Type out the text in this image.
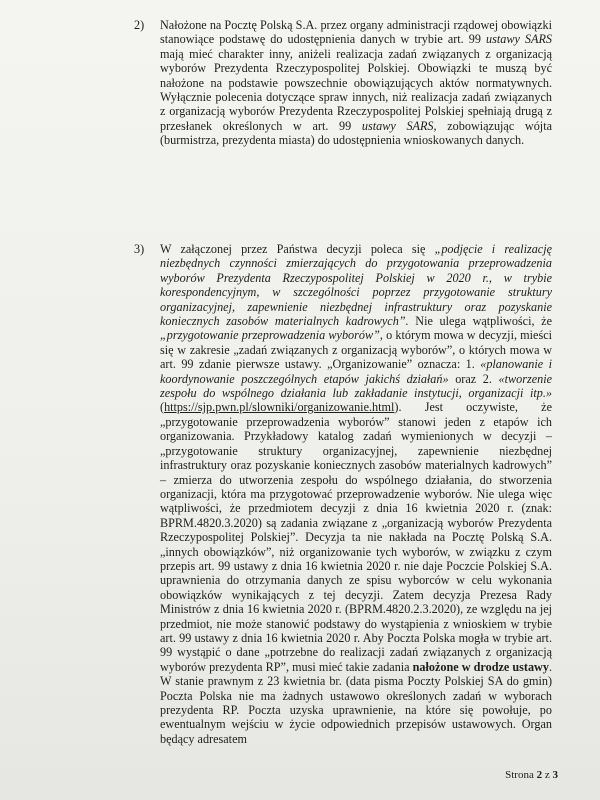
2) Nałożone na Pocztę Polską S.A. przez organy administracji rządowej obowiązki stanowiące podstawę do udostępnienia danych w trybie art. 99 ustawy SARS mają mieć charakter inny, aniżeli realizacja zadań związanych z organizacją wyborów Prezydenta Rzeczypospolitej Polskiej. Obowiązki te muszą być nałożone na podstawie powszechnie obowiązujących aktów normatywnych. Wyłącznie polecenia dotyczące spraw innych, niż realizacja zadań związanych z organizacją wyborów Prezydenta Rzeczypospolitej Polskiej spełniają drugą z przesłanek określonych w art. 99 ustawy SARS, zobowiązując wójta (burmistrza, prezydenta miasta) do udostępnienia wnioskowanych danych.

3) W załączonej przez Państwa decyzji poleca się „podjęcie i realizację niezbędnych czynności zmierzających do przygotowania przeprowadzenia wyborów Prezydenta Rzeczypospolitej Polskiej w 2020 r., w trybie korespondencyjnym, w szczególności poprzez przygotowanie struktury organizacyjnej, zapewnienie niezbędnej infrastruktury oraz pozyskanie koniecznych zasobów materialnych kadrowych”. Nie ulega wątpliwości, że „przygotowanie przeprowadzenia wyborów”, o którym mowa w decyzji, mieści się w zakresie „zadań związanych z organizacją wyborów”, o których mowa w art. 99 zdanie pierwsze ustawy. „Organizowanie” oznacza: 1. «planowanie i koordynowanie poszczególnych etapów jakichś działań» oraz 2. «tworzenie zespołu do wspólnego działania lub zakładanie instytucji, organizacji itp.» (https://sjp.pwn.pl/slowniki/organizowanie.html). Jest oczywiste, że „przygotowanie przeprowadzenia wyborów” stanowi jeden z etapów ich organizowania. Przykładowy katalog zadań wymienionych w decyzji – „przygotowanie struktury organizacyjnej, zapewnienie niezbędnej infrastruktury oraz pozyskanie koniecznych zasobów materialnych kadrowych” – zmierza do utworzenia zespołu do wspólnego działania, do stworzenia organizacji, która ma przygotować przeprowadzenie wyborów. Nie ulega więc wątpliwości, że przedmiotem decyzji z dnia 16 kwietnia 2020 r. (znak: BPRM.4820.3.2020) są zadania związane z „organizacją wyborów Prezydenta Rzeczypospolitej Polskiej”. Decyzja ta nie nakłada na Pocztę Polską S.A. „innych obowiązków”, niż organizowanie tych wyborów, w związku z czym przepis art. 99 ustawy z dnia 16 kwietnia 2020 r. nie daje Poczcie Polskiej S.A. uprawnienia do otrzymania danych ze spisu wyborców w celu wykonania obowiązków wynikających z tej decyzji. Zatem decyzja Prezesa Rady Ministrów z dnia 16 kwietnia 2020 r. (BPRM.4820.2.3.2020), ze względu na jej przedmiot, nie może stanowić podstawy do wystąpienia z wnioskiem w trybie art. 99 ustawy z dnia 16 kwietnia 2020 r. Aby Poczta Polska mogła w trybie art. 99 wystąpić o dane „potrzebne do realizacji zadań związanych z organizacją wyborów prezydenta RP”, musi mieć takie zadania nałożone w drodze ustawy. W stanie prawnym z 23 kwietnia br. (data pisma Poczty Polskiej SA do gmin) Poczta Polska nie ma żadnych ustawowo określonych zadań w wyborach prezydenta RP. Poczta uzyska uprawnienie, na które się powołuje, po ewentualnym wejściu w życie odpowiednich przepisów ustawowych. Organ będący adresatem

Strona 2 z 3
